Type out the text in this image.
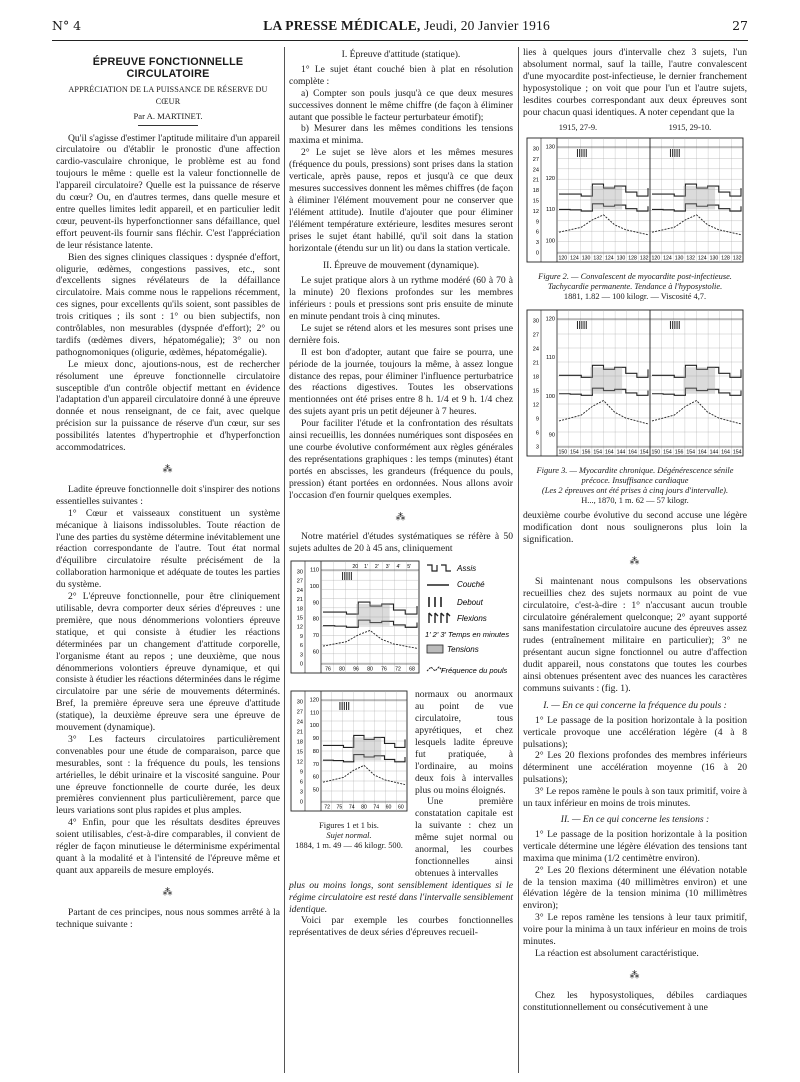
N° 4	LA PRESSE MÉDICALE, Jeudi, 20 Janvier 1916	27
ÉPREUVE FONCTIONNELLE CIRCULATOIRE
APPRÉCIATION DE LA PUISSANCE DE RÉSERVE DU CŒUR
Par A. MARTINET.

Qu'il s'agisse d'estimer l'aptitude militaire d'un appareil circulatoire ou d'établir le pronostic d'une affection cardio-vasculaire chronique, le problème est au fond toujours le même : quelle est la valeur fonctionnelle de l'appareil circulatoire? Quelle est la puissance de réserve du cœur? Ou, en d'autres termes, dans quelle mesure et entre quelles limites ledit appareil, et en particulier ledit cœur, peuvent-ils hyperfonctionner sans défaillance, quel effort peuvent-ils fournir sans fléchir. C'est l'appréciation de leur résistance latente.

Bien des signes cliniques classiques : dyspnée d'effort, oligurie, œdèmes, congestions passives, etc., sont d'excellents signes révélateurs de la défaillance circulatoire. Mais comme nous le rappelions récemment, ces signes, pour excellents qu'ils soient, sont passibles de trois critiques ; ils sont : 1° ou bien subjectifs, non contrôlables, non mesurables (dyspnée d'effort); 2° ou tardifs (œdèmes divers, hépatomégalie); 3° ou non pathognomoniques (oligurie, œdèmes, hépatomégalie).

Le mieux donc, ajoutions-nous, est de rechercher résolument une épreuve fonctionnelle circulatoire susceptible d'un contrôle objectif mettant en évidence l'adaptation d'un appareil circulatoire donné à une épreuve donnée et nous renseignant, de ce fait, avec quelque précision sur la puissance de réserve d'un cœur, sur ses possibilités latentes d'hypertrophie et d'hyperfonction accommodatrices.

⁂

Ladite épreuve fonctionnelle doit s'inspirer des notions essentielles suivantes :

1° Cœur et vaisseaux constituent un système mécanique à liaisons indissolubles. Toute réaction de l'une des parties du système détermine inévitablement une réaction correspondante de l'autre. Tout état normal d'équilibre circulatoire résulte précisément de la collaboration harmonique et adéquate de toutes les parties du système.

2° L'épreuve fonctionnelle, pour être cliniquement utilisable, devra comporter deux séries d'épreuves : une première, que nous dénommerions volontiers épreuve statique, et qui consiste à étudier les réactions déterminées par un changement d'attitude corporelle, l'organisme étant au repos ; une deuxième, que nous dénommerions volontiers épreuve dynamique, et qui consiste à étudier les réactions déterminées dans le régime circulatoire par une série de mouvements déterminés. Bref, la première épreuve sera une épreuve d'attitude (statique), la deuxième épreuve sera une épreuve de mouvement (dynamique).

3° Les facteurs circulatoires particulièrement convenables pour une étude de comparaison, parce que mesurables, sont : la fréquence du pouls, les tensions artérielles, le débit urinaire et la viscosité sanguine. Pour une épreuve fonctionnelle de courte durée, les deux premières conviennent plus particulièrement, parce que leurs variations sont plus rapides et plus amples.

4° Enfin, pour que les résultats desdites épreuves soient utilisables, c'est-à-dire comparables, il convient de régler de façon minutieuse le déterminisme expérimental quant à la modalité et à l'intensité de l'épreuve même et quant aux appareils de mesure employés.

⁂

Partant de ces principes, nous nous sommes arrêté à la technique suivante :

I. Épreuve d'attitude (statique).

1° Le sujet étant couché bien à plat en résolution complète :

a) Compter son pouls jusqu'à ce que deux mesures successives donnent le même chiffre (de façon à éliminer autant que possible le facteur perturbateur émotif);

b) Mesurer dans les mêmes conditions les tensions maxima et minima.

2° Le sujet se lève alors et les mêmes mesures (fréquence du pouls, pressions) sont prises dans la station verticale, après pause, repos et jusqu'à ce que deux mesures successives donnent les mêmes chiffres (de façon à éliminer l'élément mouvement pour ne conserver que l'élément attitude). Inutile d'ajouter que pour éliminer l'élément température extérieure, lesdites mesures seront prises le sujet étant habillé, qu'il soit dans la station horizontale (étendu sur un lit) ou dans la station verticale.

II. Épreuve de mouvement (dynamique).

Le sujet pratique alors à un rythme modéré (60 à 70 à la minute) 20 flexions profondes sur les membres inférieurs : pouls et pressions sont pris ensuite de minute en minute pendant trois à cinq minutes.

Le sujet se rétend alors et les mesures sont prises une dernière fois.

Il est bon d'adopter, autant que faire se pourra, une période de la journée, toujours la même, à assez longue distance des repas, pour éliminer l'influence perturbatrice des réactions digestives. Toutes les observations mentionnées ont été prises entre 8 h. 1/4 et 9 h. 1/4 chez des sujets ayant pris un petit déjeuner à 7 heures.

Pour faciliter l'étude et la confrontation des résultats ainsi recueillis, les données numériques sont disposées en une courbe évolutive conformément aux règles générales des représentations graphiques : les temps (minutes) étant portés en abscisses, les grandeurs (fréquence du pouls, pression) étant portées en ordonnées. Nous allons avoir l'occasion d'en fournir quelques exemples.

⁂

Notre matériel d'études systématiques se réfère à 50 sujets adultes de 20 à 45 ans, cliniquement

30
27
24
21
18
15
12
9
6
3
0
110
100
90
80
70
60
76 80 96 80 76 72 68
20 1' 2' 3' 4' 5'	Assis
Couché
Debout
Flexions
1' 2' 3' Temps en minutes
Tensions
Fréquence du pouls
30
27
24
21
18
15
12
9
6
3
0
120
110
100
90
80
70
60
50
72 75 74 80 74 60 60
Figures 1 et 1 bis.
Sujet normal.
1884, 1 m. 49 — 46 kilogr. 500.

normaux ou anormaux au point de vue circulatoire, tous apyrétiques, et chez lesquels ladite épreuve fut pratiquée, à l'ordinaire, au moins deux fois à intervalles plus ou moins éloignés.

Une première constatation capitale est la suivante : chez un même sujet normal ou anormal, les courbes fonctionnelles ainsi obtenues à intervalles

plus ou moins longs, sont sensiblement identiques si le régime circulatoire est resté dans l'intervalle sensiblement identique.

Voici par exemple les courbes fonctionnelles représentatives de deux séries d'épreuves recueil-

lies à quelques jours d'intervalle chez 3 sujets, l'un absolument normal, sauf la taille, l'autre convalescent d'une myocardite post-infectieuse, le dernier franchement hyposystolique ; on voit que pour l'un et l'autre sujets, lesdites courbes correspondant aux deux épreuves sont pour chacun quasi identiques. A noter cependant que la

1915, 27-9.	1915, 29-10.
30
27
24
21
18
15
12
9
6
3
0
130
120
110
100
120 124 130 132 124 130 128 132 120 124 130 132 124 130 128 132
Figure 2. — Convalescent de myocardite post-infectieuse.
Tachycardie permanente. Tendance à l'hyposystolie.
1881, 1.82 — 100 kilogr. — Viscosité 4,7.
30
27
24
21
18
15
12
9
6
3
120
110
100
90
150 154 156 154 164 144 164 154 150 154 156 154 164 144 164 154
Figure 3. — Myocardite chronique. Dégénérescence sénile précoce. Insuffisance cardiaque
(Les 2 épreuves ont été prises à cinq jours d'intervalle).
H..., 1870, 1 m. 62 — 57 kilogr.

deuxième courbe évolutive du second accuse une légère modification dont nous soulignerons plus loin la signification.

⁂

Si maintenant nous compulsons les observations recueillies chez des sujets normaux au point de vue circulatoire, c'est-à-dire : 1° n'accusant aucun trouble circulatoire généralement quelconque; 2° ayant supporté sans manifestation circulatoire aucune des épreuves assez rudes (entraînement militaire en particulier); 3° ne présentant aucun signe fonctionnel ou autre d'affection dudit appareil, nous constatons que toutes les courbes ainsi obtenues présentent avec des nuances les caractères communs suivants : (fig. 1).

I. — En ce qui concerne la fréquence du pouls :

1° Le passage de la position horizontale à la position verticale provoque une accélération légère (4 à 8 pulsations);

2° Les 20 flexions profondes des membres inférieurs déterminent une accélération moyenne (16 à 20 pulsations);

3° Le repos ramène le pouls à son taux primitif, voire à un taux inférieur en moins de trois minutes.

II. — En ce qui concerne les tensions :

1° Le passage de la position horizontale à la position verticale détermine une légère élévation des tensions tant maxima que minima (1/2 centimètre environ).

2° Les 20 flexions déterminent une élévation notable de la tension maxima (40 millimètres environ) et une élévation légère de la tension minima (10 millimètres environ);

3° Le repos ramène les tensions à leur taux primitif, voire pour la minima à un taux inférieur en moins de trois minutes.

La réaction est absolument caractéristique.

⁂

Chez les hyposystoliques, débiles cardiaques constitutionnellement ou consécutivement à une
